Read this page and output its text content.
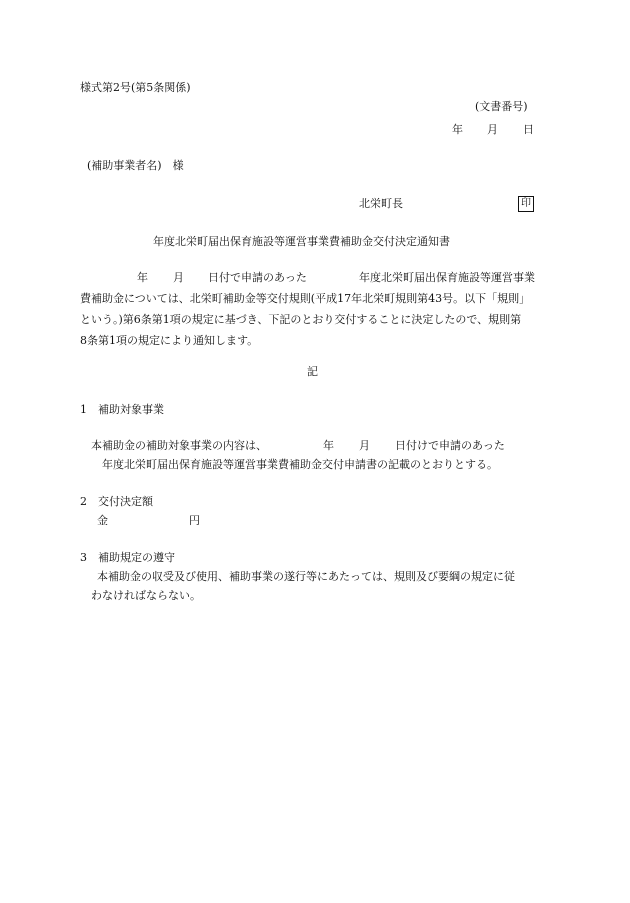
様式第2号(第5条関係)
(文書番号)
年 月 日
(補助事業者名)　様
北栄町長	印
年度北栄町届出保育施設等運営事業費補助金交付決定通知書
年 月 日付で申請のあった	年度北栄町届出保育施設等運営事業
費補助金については、北栄町補助金等交付規則(平成17年北栄町規則第43号。以下「規則」
という。)第6条第1項の規定に基づき、下記のとおり交付することに決定したので、規則第
8条第1項の規定により通知します。
記
1　補助対象事業
本補助金の補助対象事業の内容は、	年 月 日付けで申請のあった
年度北栄町届出保育施設等運営事業費補助金交付申請書の記載のとおりとする。
2　交付決定額
金	円
3　補助規定の遵守
本補助金の収受及び使用、補助事業の遂行等にあたっては、規則及び要綱の規定に従
わなければならない。
